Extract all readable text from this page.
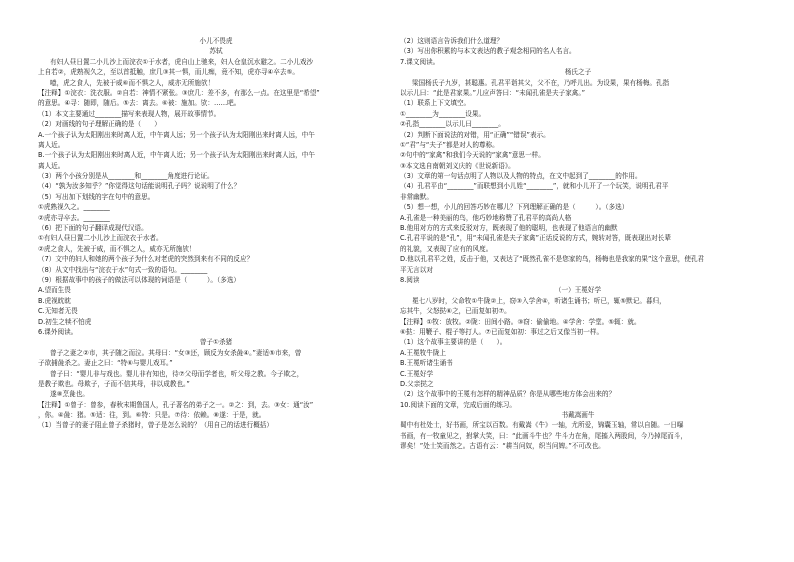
小儿不畏虎
苏轼
有妇人昼日置二小儿沙上而浣衣①于水者，虎自山上驰来，妇人仓皇沉水避之。二小儿戏沙
上自若②，虎熟视久之，至以首抵触，庶几③其一惧，而儿痴，竟不知，虎亦寻④卒去⑤。
噫，虎之食人，先被于威⑥而不惧之人，威亦无所施欤！
【注释】①浣衣：洗衣服。②自若：神情不紧张。③庶几：差不多，有那么一点。在这里是“希望”
的意思。④寻：随即，随后。⑤去：离去。⑥被：施加。欤：……吧。
（1）本文主要通过________描写来表现人物，展开故事情节。
（2）对画线的句子理解正确的是（　　）
A.一个孩子认为太阳刚出来时离人近，中午离人远；另一个孩子认为太阳刚出来时离人远，中午
离人近。
B.一个孩子认为太阳刚出来时离人近，中午离人近；另一个孩子认为太阳刚出来时离人远，中午
离人近。
（3）两个小孩分别是从________和________角度进行论证。
（4）“孰为汝多知乎？”你觉得这句话能说明孔子吗？说说明了什么？
（5）写出加下划线的字在句中的意思。
①虎熟视久之。________
②虎亦寻卒去。________
（6）把下面的句子翻译成现代汉语。
①有妇人昼日置二小儿沙上而浣衣于水者。
②虎之食人，先被于威，而不惧之人，威亦无所施欤！
（7）文中的妇人和她的两个孩子为什么对老虎的突然到来有不同的反应？
（8）从文中找出与“浣衣于水”句式一致的语句。________
（9）根据故事中的孩子的做法可以体现的词语是（　　　）。（多选）
A.望而生畏
B.虎视眈眈
C.无知者无畏
D.初生之犊不怕虎
6.课外阅读。
曾子①杀猪
曾子之妻之②市，其子随之而泣。其母曰：“女③还，顾反为女杀彘④。”妻适⑤市来，曾
子欲捕彘杀之。妻止之曰：“特⑥与婴儿戏耳。”
曾子曰：“婴儿非与戏也。婴儿非有知也，待⑦父母而学者也，听父母之教。今子欺之，
是教子欺也。母欺子，子而不信其母，非以成教也。”
遂⑧烹彘也。
【注释】①曾子：曾参，春秋末期鲁国人，孔子著名的弟子之一。②之：到，去。③女：通“汝”
，你。④彘：猪。⑤适：往，到。⑥特：只是。⑦待：依赖。⑧遂：于是，就。
（1）当曾子的妻子阻止曾子杀猪时，曾子是怎么说的？（用自己的话进行概括）
（2）这则语言告诉我们什么道理？
（3）写出你积累的与本文表达的教子观念相同的名人名言。
7.课文阅读。
杨氏之子
梁国杨氏子九岁，甚聪惠。孔君平诣其父，父不在，乃呼儿出。为设果，果有杨梅。孔指
以示儿曰：“此是君家果。”儿应声答曰：“未闻孔雀是夫子家禽。”
（1）联系上下文填空。
①________为________设果。
②孔指________以示儿曰________。
（2）判断下面说法的对错，用“正确”“错误”表示。
①“君”与“夫子”都是对人的尊称。
②句中的“家禽”和我们今天说的“家禽”意思一样。
③本文选自南朝刘义庆的《世说新语》。
（3）文章的第一句话点明了人物以及人物的特点，在文中起到了________的作用。
（4）孔君平由“________”而联想到小儿姓“________”，就和小儿开了一个玩笑，说明孔君平
非常幽默。
（5）想一想，小儿的回答巧妙在哪儿？下列理解正确的是（　　　）。（多选）
A.孔雀是一种美丽的鸟，他巧妙地称赞了孔君平的高尚人格
B.他用对方的方式来反驳对方，既表现了他的聪明，也表现了他语言的幽默
C.孔君平说的是“孔”，用“未闻孔雀是夫子家禽”正话反说的方式，婉转对答，既表现出对长辈
的礼貌，又表现了应有的风度。
D.他以孔君平之姓，反击于他，又表达了“既然孔雀不是您家的鸟，杨梅也是我家的果”这个意思，使孔君
平无言以对
8.阅读
（一）王冕好学
冕七八岁时，父命牧①牛陇②上，窃③入学舍④，听诸生诵书；听已，辄⑤默记。暮归，
忘其牛，父怒挞⑥之，已而复如初⑦。
【注释】①牧：放牧。②陇：田间小路。③窃：偷偷地。④学舍：学堂。⑤辄：就。
⑥挞：用鞭子、棍子等打人。⑦已而复如初：事过之后又像当初一样。
（1）这个故事主要讲的是（　　）。
A.王冕牧牛陇上
B.王冕听诸生诵书
C.王冕好学
D.父亲挞之
（2）这个故事中的王冕有怎样的精神品质？你是从哪些地方体会出来的？
10.阅读下面的文章，完成后面的练习。
书戴嵩画牛
蜀中有杜处士，好书画，所宝以百数。有戴嵩《牛》一轴，尤所爱，锦囊玉轴，常以自随。一日曝
书画，有一牧童见之，拊掌大笑，曰：“此画斗牛也？牛斗力在角，尾搐入两股间，今乃掉尾而斗，
谬矣！”处士笑而然之。古语有云：“耕当问奴，织当问婢。”不可改也。
